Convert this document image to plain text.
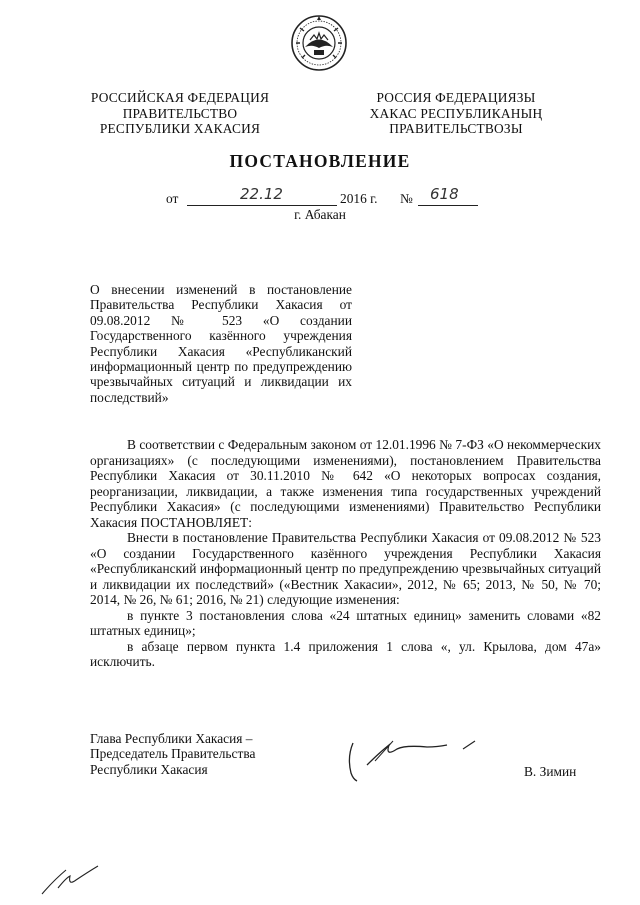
РОССИЙСКАЯ ФЕДЕРАЦИЯ
ПРАВИТЕЛЬСТВО
РЕСПУБЛИКИ ХАКАСИЯ
РОССИЯ ФЕДЕРАЦИЯЗЫ
ХАКАС РЕСПУБЛИКАНЫҢ
ПРАВИТЕЛЬСТВОЗЫ
ПОСТАНОВЛЕНИЕ
от	22.12	2016 г. № 618
г. Абакан
О внесении изменений в постановление Правительства Республики Хакасия от 09.08.2012 № 523 «О создании Государственного казённого учреждения Республики Хакасия «Республиканский информационный центр по предупреждению чрезвычайных ситуаций и ликвидации их последствий»

В соответствии с Федеральным законом от 12.01.1996 № 7-ФЗ «О некоммерческих организациях» (с последующими изменениями), постановлением Правительства Республики Хакасия от 30.11.2010 № 642 «О некоторых вопросах создания, реорганизации, ликвидации, а также изменения типа государственных учреждений Республики Хакасия» (с последующими изменениями) Правительство Республики Хакасия ПОСТАНОВЛЯЕТ:

Внести в постановление Правительства Республики Хакасия от 09.08.2012 № 523 «О создании Государственного казённого учреждения Республики Хакасия «Республиканский информационный центр по предупреждению чрезвычайных ситуаций и ликвидации их последствий» («Вестник Хакасии», 2012, № 65; 2013, № 50, № 70; 2014, № 26, № 61; 2016, № 21) следующие изменения:

в пункте 3 постановления слова «24 штатных единиц» заменить словами «82 штатных единиц»;

в абзаце первом пункта 1.4 приложения 1 слова «, ул. Крылова, дом 47а» исключить.

Глава Республики Хакасия –
Председатель Правительства
Республики Хакасия	В. Зимин
